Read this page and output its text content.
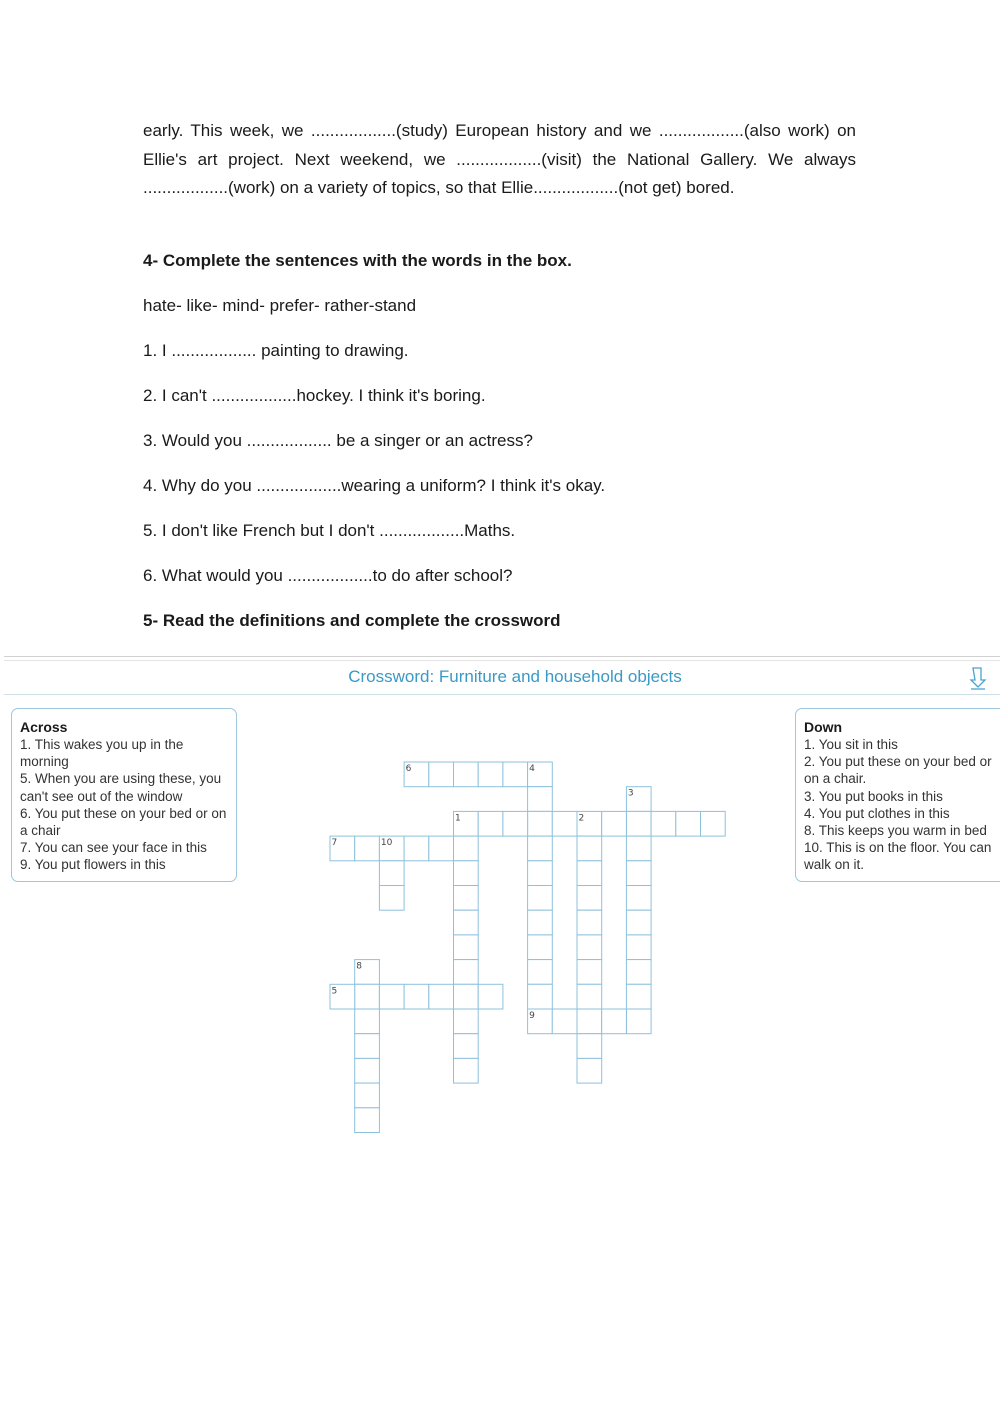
early. This week, we ..................(study) European history and we ..................(also work) on Ellie's art project. Next weekend, we ..................(visit) the National Gallery. We always ..................(work) on a variety of topics, so that Ellie..................(not get) bored.

4- Complete the sentences with the words in the box.

hate- like- mind- prefer- rather-stand

1. I .................. painting to drawing.

2. I can't ..................hockey. I think it's boring.

3. Would you .................. be a singer or an actress?

4. Why do you ..................wearing a uniform? I think it's okay.

5. I don't like French but I don't ..................Maths.

6. What would you ..................to do after school?

5- Read the definitions and complete the crossword

Crossword: Furniture and household objects

Across
1. This wakes you up in the morning
5. When you are using these, you can't see out of the window
6. You put these on your bed or on a chair
7. You can see your face in this
9. You put flowers in this
Down
1. You sit in this
2. You put these on your bed or on a chair.
3. You put books in this
4. You put clothes in this
8. This keeps you warm in bed
10. This is on the floor. You can walk on it.
6	4
3
1	2
7	10
8
5
9
